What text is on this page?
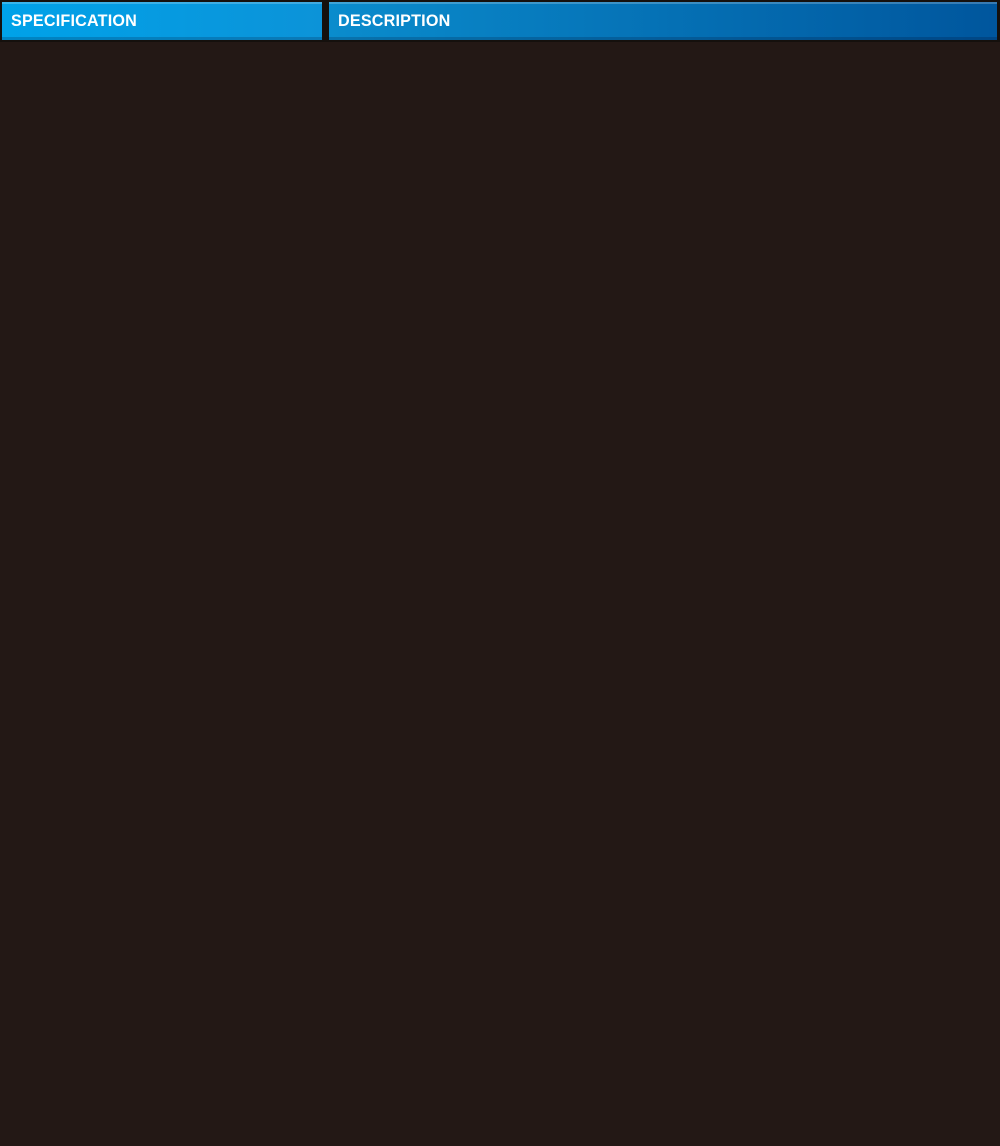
SPECIFICATION	DESCRIPTION
